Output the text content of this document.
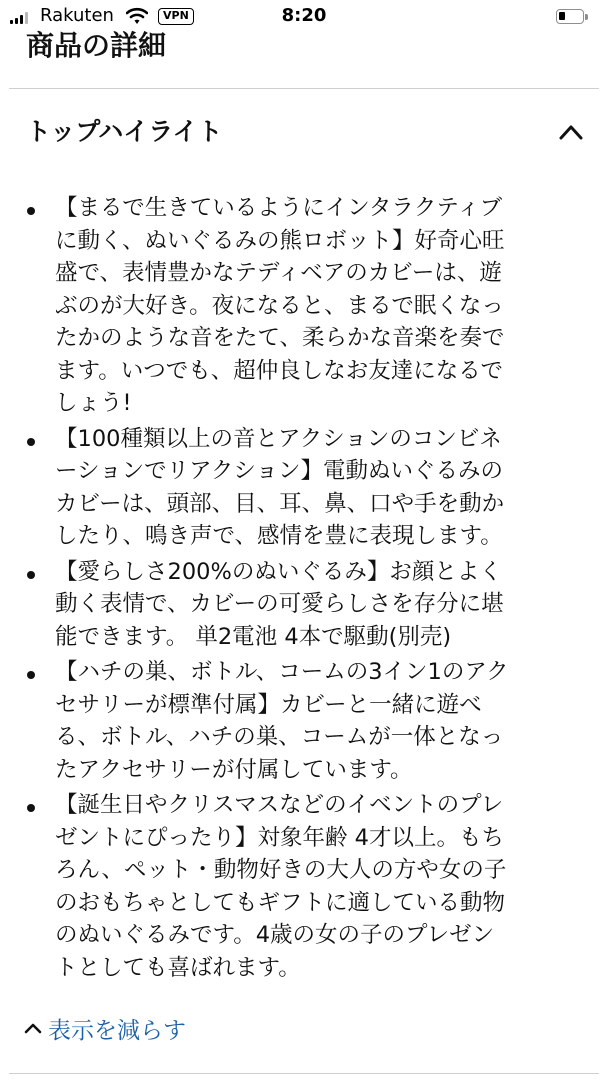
Rakuten	VPN	8:20
商品の詳細
トップハイライト
【まるで生きているようにインタラクティブ
に動く、ぬいぐるみの熊ロボット】好奇心旺
盛で、表情豊かなテディベアのカビーは、遊
ぶのが大好き。夜になると、まるで眠くなっ
たかのような音をたて、柔らかな音楽を奏で
ます。いつでも、超仲良しなお友達になるで
しょう!
【100種類以上の音とアクションのコンビネ
ーションでリアクション】電動ぬいぐるみの
カビーは、頭部、目、耳、鼻、口や手を動か
したり、鳴き声で、感情を豊に表現します。
【愛らしさ200%のぬいぐるみ】お顔とよく
動く表情で、カビーの可愛らしさを存分に堪
能できます。 単2電池 4本で駆動(別売)
【ハチの巣、ボトル、コームの3イン1のアク
セサリーが標準付属】カビーと一緒に遊べ
る、ボトル、ハチの巣、コームが一体となっ
たアクセサリーが付属しています。
【誕生日やクリスマスなどのイベントのプレ
ゼントにぴったり】対象年齢 4才以上。もち
ろん、ペット・動物好きの大人の方や女の子
のおもちゃとしてもギフトに適している動物
のぬいぐるみです。4歳の女の子のプレゼン
トとしても喜ばれます。
表示を減らす
